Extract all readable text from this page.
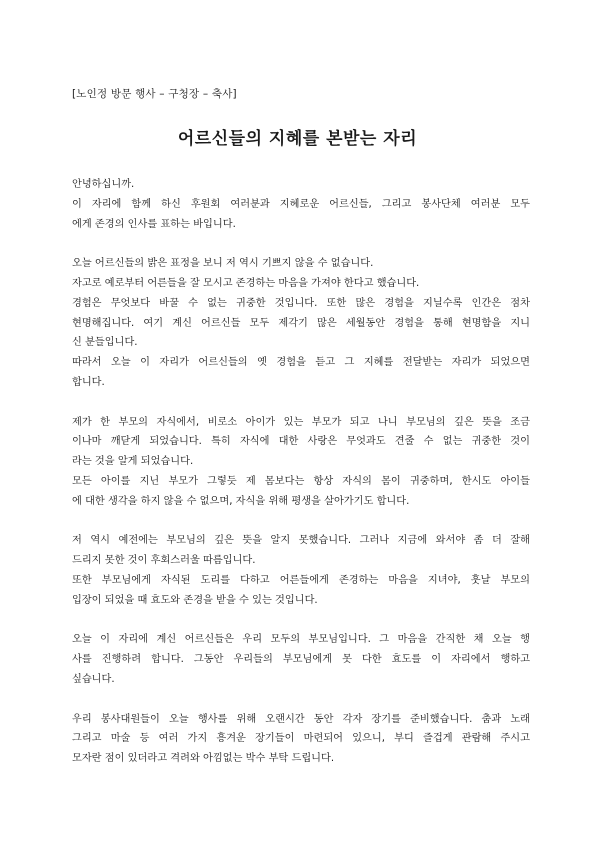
[노인정 방문 행사 – 구청장 – 축사]
어르신들의 지혜를 본받는 자리

안녕하십니까.
이 자리에 함께 하신 후원회 여러분과 지혜로운 어르신들, 그리고 봉사단체 여러분 모두
에게 존경의 인사를 표하는 바입니다.

오늘 어르신들의 밝은 표정을 보니 저 역시 기쁘지 않을 수 없습니다.
자고로 예로부터 어른들을 잘 모시고 존경하는 마음을 가져야 한다고 했습니다.
경험은 무엇보다 바꿀 수 없는 귀중한 것입니다. 또한 많은 경험을 지닐수록 인간은 점차
현명해집니다. 여기 계신 어르신들 모두 제각기 많은 세월동안 경험을 통해 현명함을 지니
신 분들입니다.
따라서 오늘 이 자리가 어르신들의 옛 경험을 듣고 그 지혜를 전달받는 자리가 되었으면
합니다.

제가 한 부모의 자식에서, 비로소 아이가 있는 부모가 되고 나니 부모님의 깊은 뜻을 조금
이나마 깨닫게 되었습니다. 특히 자식에 대한 사랑은 무엇과도 견줄 수 없는 귀중한 것이
라는 것을 알게 되었습니다.
모든 아이를 지닌 부모가 그렇듯 제 몸보다는 항상 자식의 몸이 귀중하며, 한시도 아이들
에 대한 생각을 하지 않을 수 없으며, 자식을 위해 평생을 살아가기도 합니다.

저 역시 예전에는 부모님의 깊은 뜻을 알지 못했습니다. 그러나 지금에 와서야 좀 더 잘해
드리지 못한 것이 후회스러울 따름입니다.
또한 부모님에게 자식된 도리를 다하고 어른들에게 존경하는 마음을 지녀야, 훗날 부모의
입장이 되었을 때 효도와 존경을 받을 수 있는 것입니다.

오늘 이 자리에 계신 어르신들은 우리 모두의 부모님입니다. 그 마음을 간직한 채 오늘 행
사를 진행하려 합니다. 그동안 우리들의 부모님에게 못 다한 효도를 이 자리에서 행하고
싶습니다.

우리 봉사대원들이 오늘 행사를 위해 오랜시간 동안 각자 장기를 준비했습니다. 춤과 노래
그리고 마술 등 여러 가지 흥겨운 장기들이 마련되어 있으니, 부디 즐겁게 관람해 주시고
모자란 점이 있더라고 격려와 아낌없는 박수 부탁 드립니다.
